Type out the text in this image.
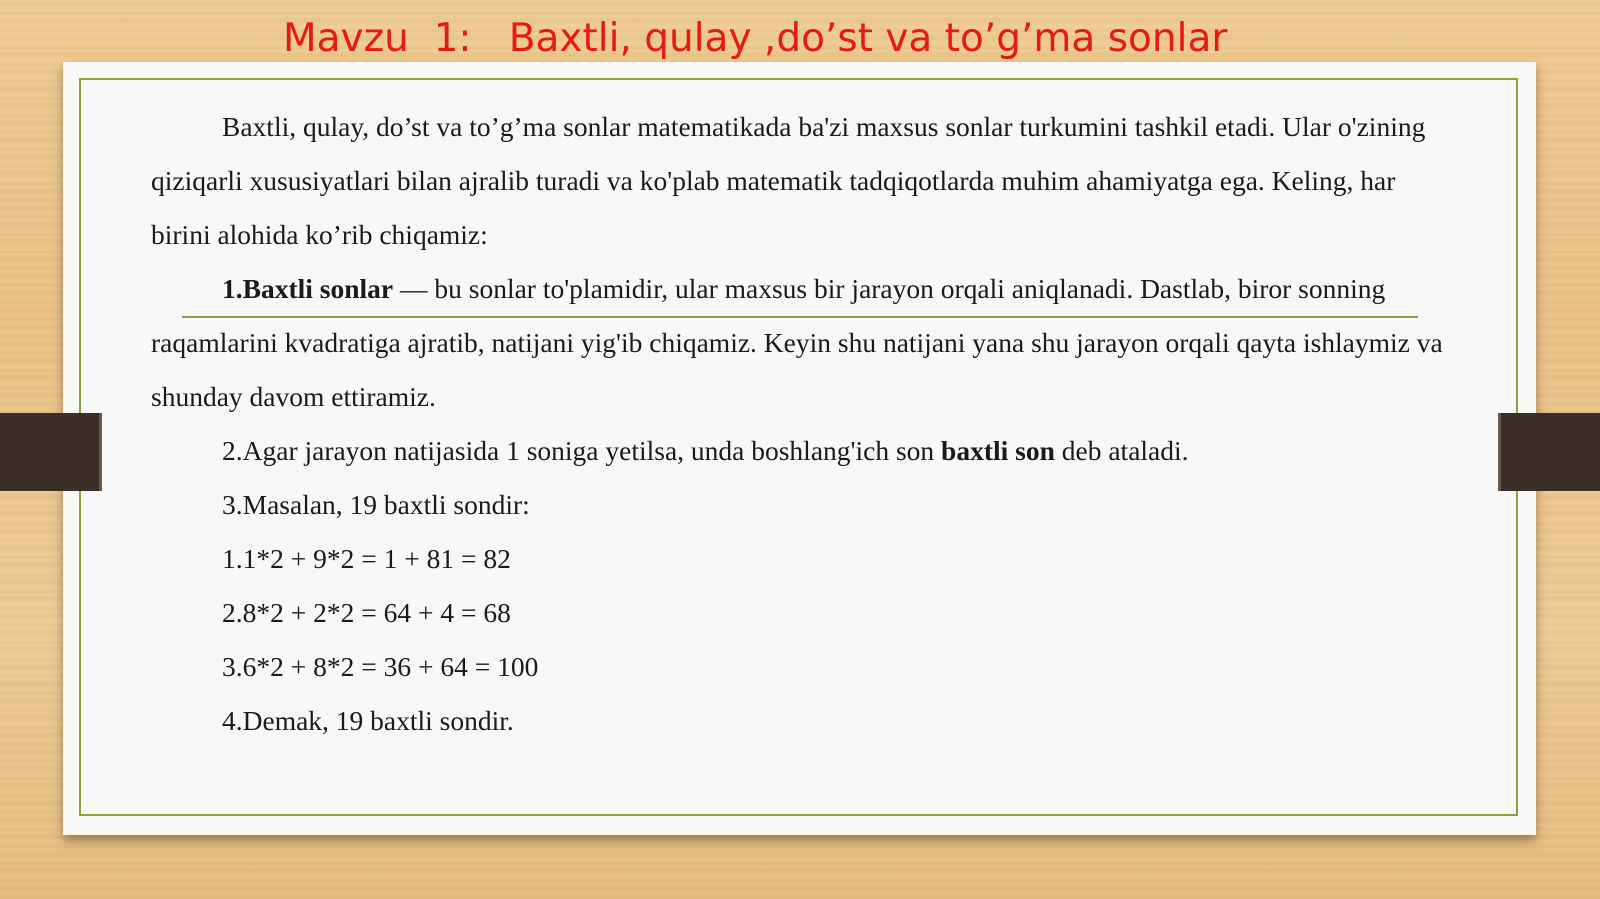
Mavzu  1:   Baxtli, qulay ,do’st va to’g’ma sonlar

Baxtli, qulay, do’st va to’g’ma sonlar matematikada ba'zi maxsus sonlar turkumini tashkil etadi. Ular o'zining

qiziqarli xususiyatlari bilan ajralib turadi va ko'plab matematik tadqiqotlarda muhim ahamiyatga ega. Keling, har

birini alohida ko’rib chiqamiz:

1.Baxtli sonlar — bu sonlar to'plamidir, ular maxsus bir jarayon orqali aniqlanadi. Dastlab, biror sonning

raqamlarini kvadratiga ajratib, natijani yig'ib chiqamiz. Keyin shu natijani yana shu jarayon orqali qayta ishlaymiz va

shunday davom ettiramiz.

2.Agar jarayon natijasida 1 soniga yetilsa, unda boshlang'ich son baxtli son deb ataladi.

3.Masalan, 19 baxtli sondir:

1.1*2 + 9*2 = 1 + 81 = 82

2.8*2 + 2*2 = 64 + 4 = 68

3.6*2 + 8*2 = 36 + 64 = 100

4.Demak, 19 baxtli sondir.
